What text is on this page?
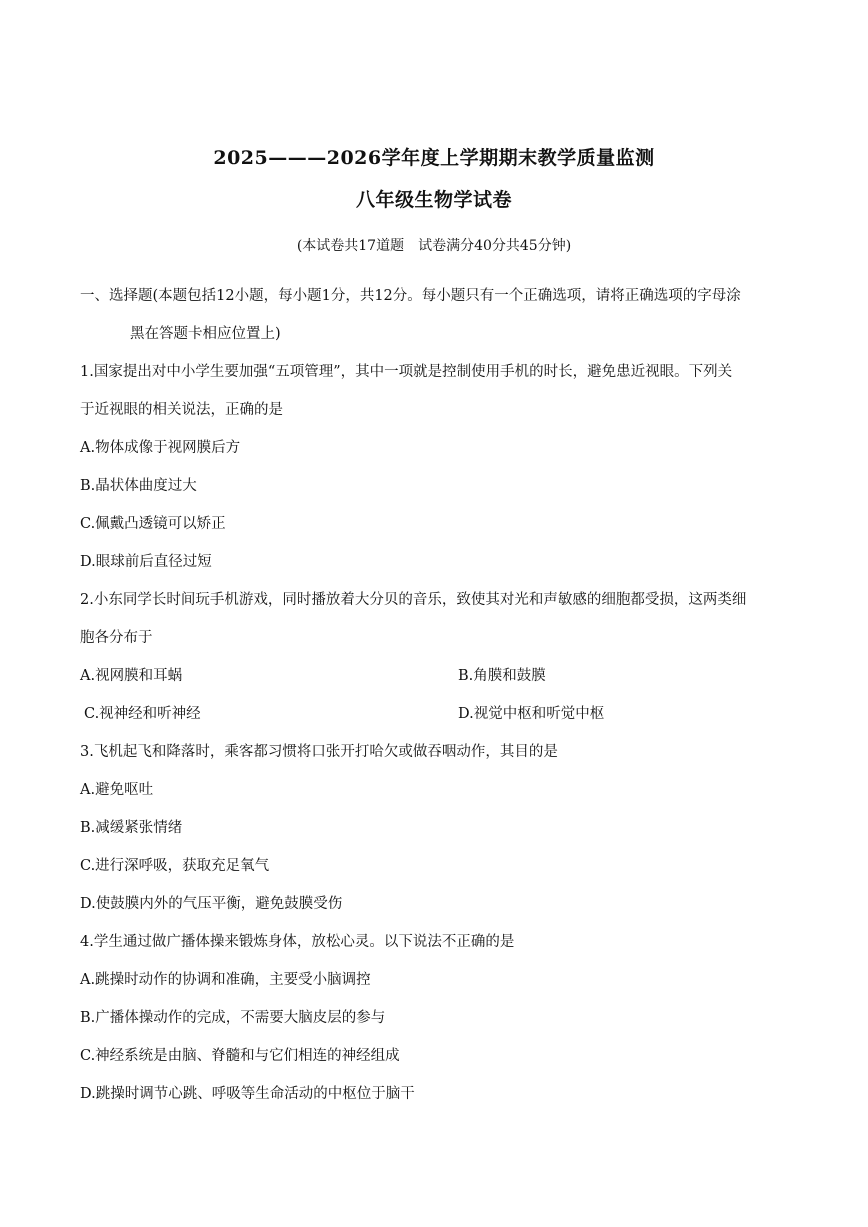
2025———2026学年度上学期期末教学质量监测
八年级生物学试卷
(本试卷共17道题　试卷满分40分共45分钟)
一、选择题(本题包括12小题，每小题1分，共12分。每小题只有一个正确选项，请将正确选项的字母涂
黑在答题卡相应位置上)
1.国家提出对中小学生要加强“五项管理”，其中一项就是控制使用手机的时长，避免患近视眼。下列关
于近视眼的相关说法，正确的是
A.物体成像于视网膜后方
B.晶状体曲度过大
C.佩戴凸透镜可以矫正
D.眼球前后直径过短
2.小东同学长时间玩手机游戏，同时播放着大分贝的音乐，致使其对光和声敏感的细胞都受损，这两类细
胞各分布于
A.视网膜和耳蜗	B.角膜和鼓膜
C.视神经和听神经	D.视觉中枢和听觉中枢
3.飞机起飞和降落时，乘客都习惯将口张开打哈欠或做吞咽动作，其目的是
A.避免呕吐
B.减缓紧张情绪
C.进行深呼吸，获取充足氧气
D.使鼓膜内外的气压平衡，避免鼓膜受伤
4.学生通过做广播体操来锻炼身体，放松心灵。以下说法不正确的是
A.跳操时动作的协调和准确，主要受小脑调控
B.广播体操动作的完成，不需要大脑皮层的参与
C.神经系统是由脑、脊髓和与它们相连的神经组成
D.跳操时调节心跳、呼吸等生命活动的中枢位于脑干
